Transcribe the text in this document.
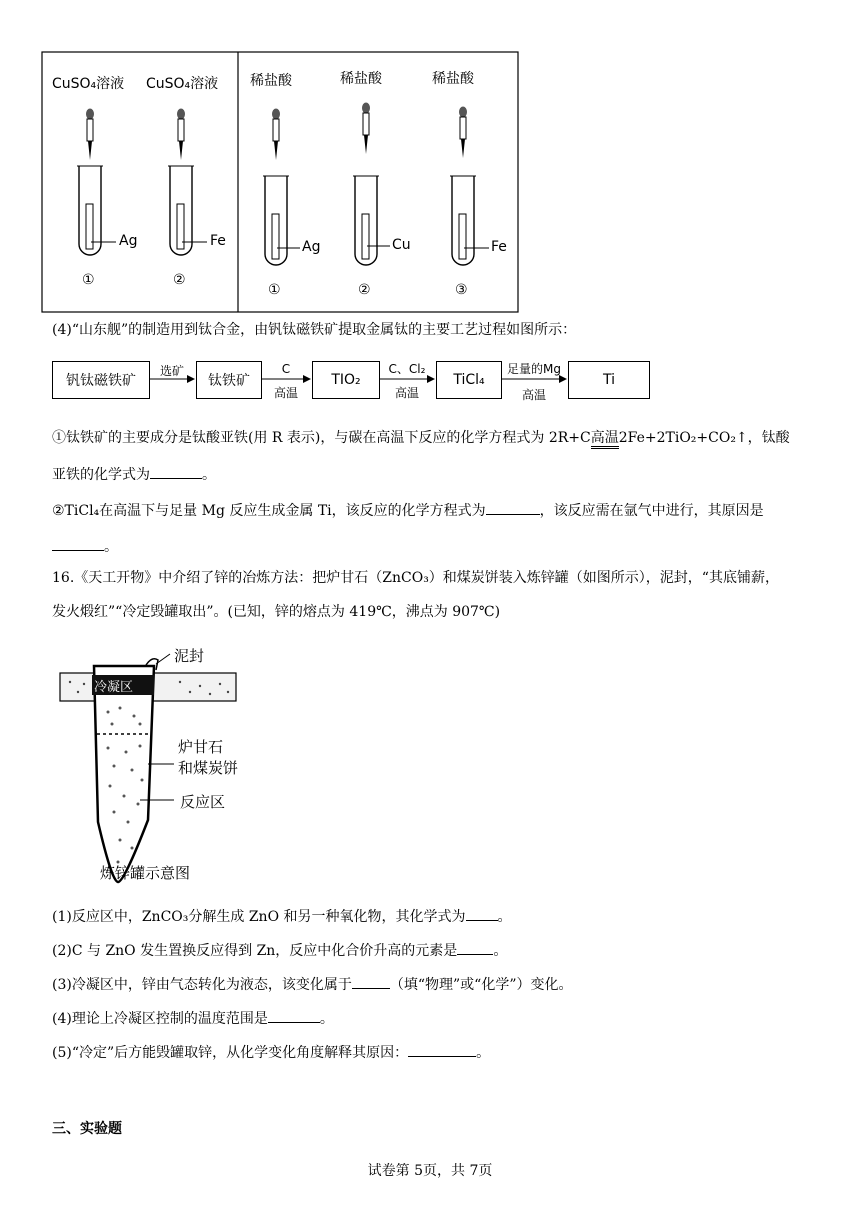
CuSO₄溶液 CuSO₄溶液 稀盐酸	稀盐酸	稀盐酸
Ag	Fe	Ag	Cu	Fe
①	②
①	②	③
(4)“山东舰”的制造用到钛合金，由钒钛磁铁矿提取金属钛的主要工艺过程如图所示：
钒钛磁铁矿	钛铁矿	TIO₂	TiCl₄	Ti
选矿	C
高温
C、Cl₂
高温
足量的Mg
高温
①钛铁矿的主要成分是钛酸亚铁(用 R 表示)，与碳在高温下反应的化学方程式为 2R+C高温2Fe+2TiO₂+CO₂↑，钛酸
亚铁的化学式为	。
②TiCl₄在高温下与足量 Mg 反应生成金属 Ti，该反应的化学方程式为	，该反应需在氩气中进行，其原因是
。
16.《天工开物》中介绍了锌的冶炼方法：把炉甘石（ZnCO₃）和煤炭饼装入炼锌罐（如图所示），泥封，“其底铺薪，
发火煅红”“冷定毁罐取出”。(已知，锌的熔点为 419℃，沸点为 907℃)
泥封
冷凝区
炉甘石
和煤炭饼
反应区
炼锌罐示意图
(1)反应区中，ZnCO₃分解生成 ZnO 和另一种氧化物，其化学式为 。
(2)C 与 ZnO 发生置换反应得到 Zn，反应中化合价升高的元素是	。
(3)冷凝区中，锌由气态转化为液态，该变化属于	（填“物理”或“化学”）变化。
(4)理论上冷凝区控制的温度范围是	。
(5)“冷定”后方能毁罐取锌，从化学变化角度解释其原因：	。
三、实验题
试卷第 5页，共 7页
